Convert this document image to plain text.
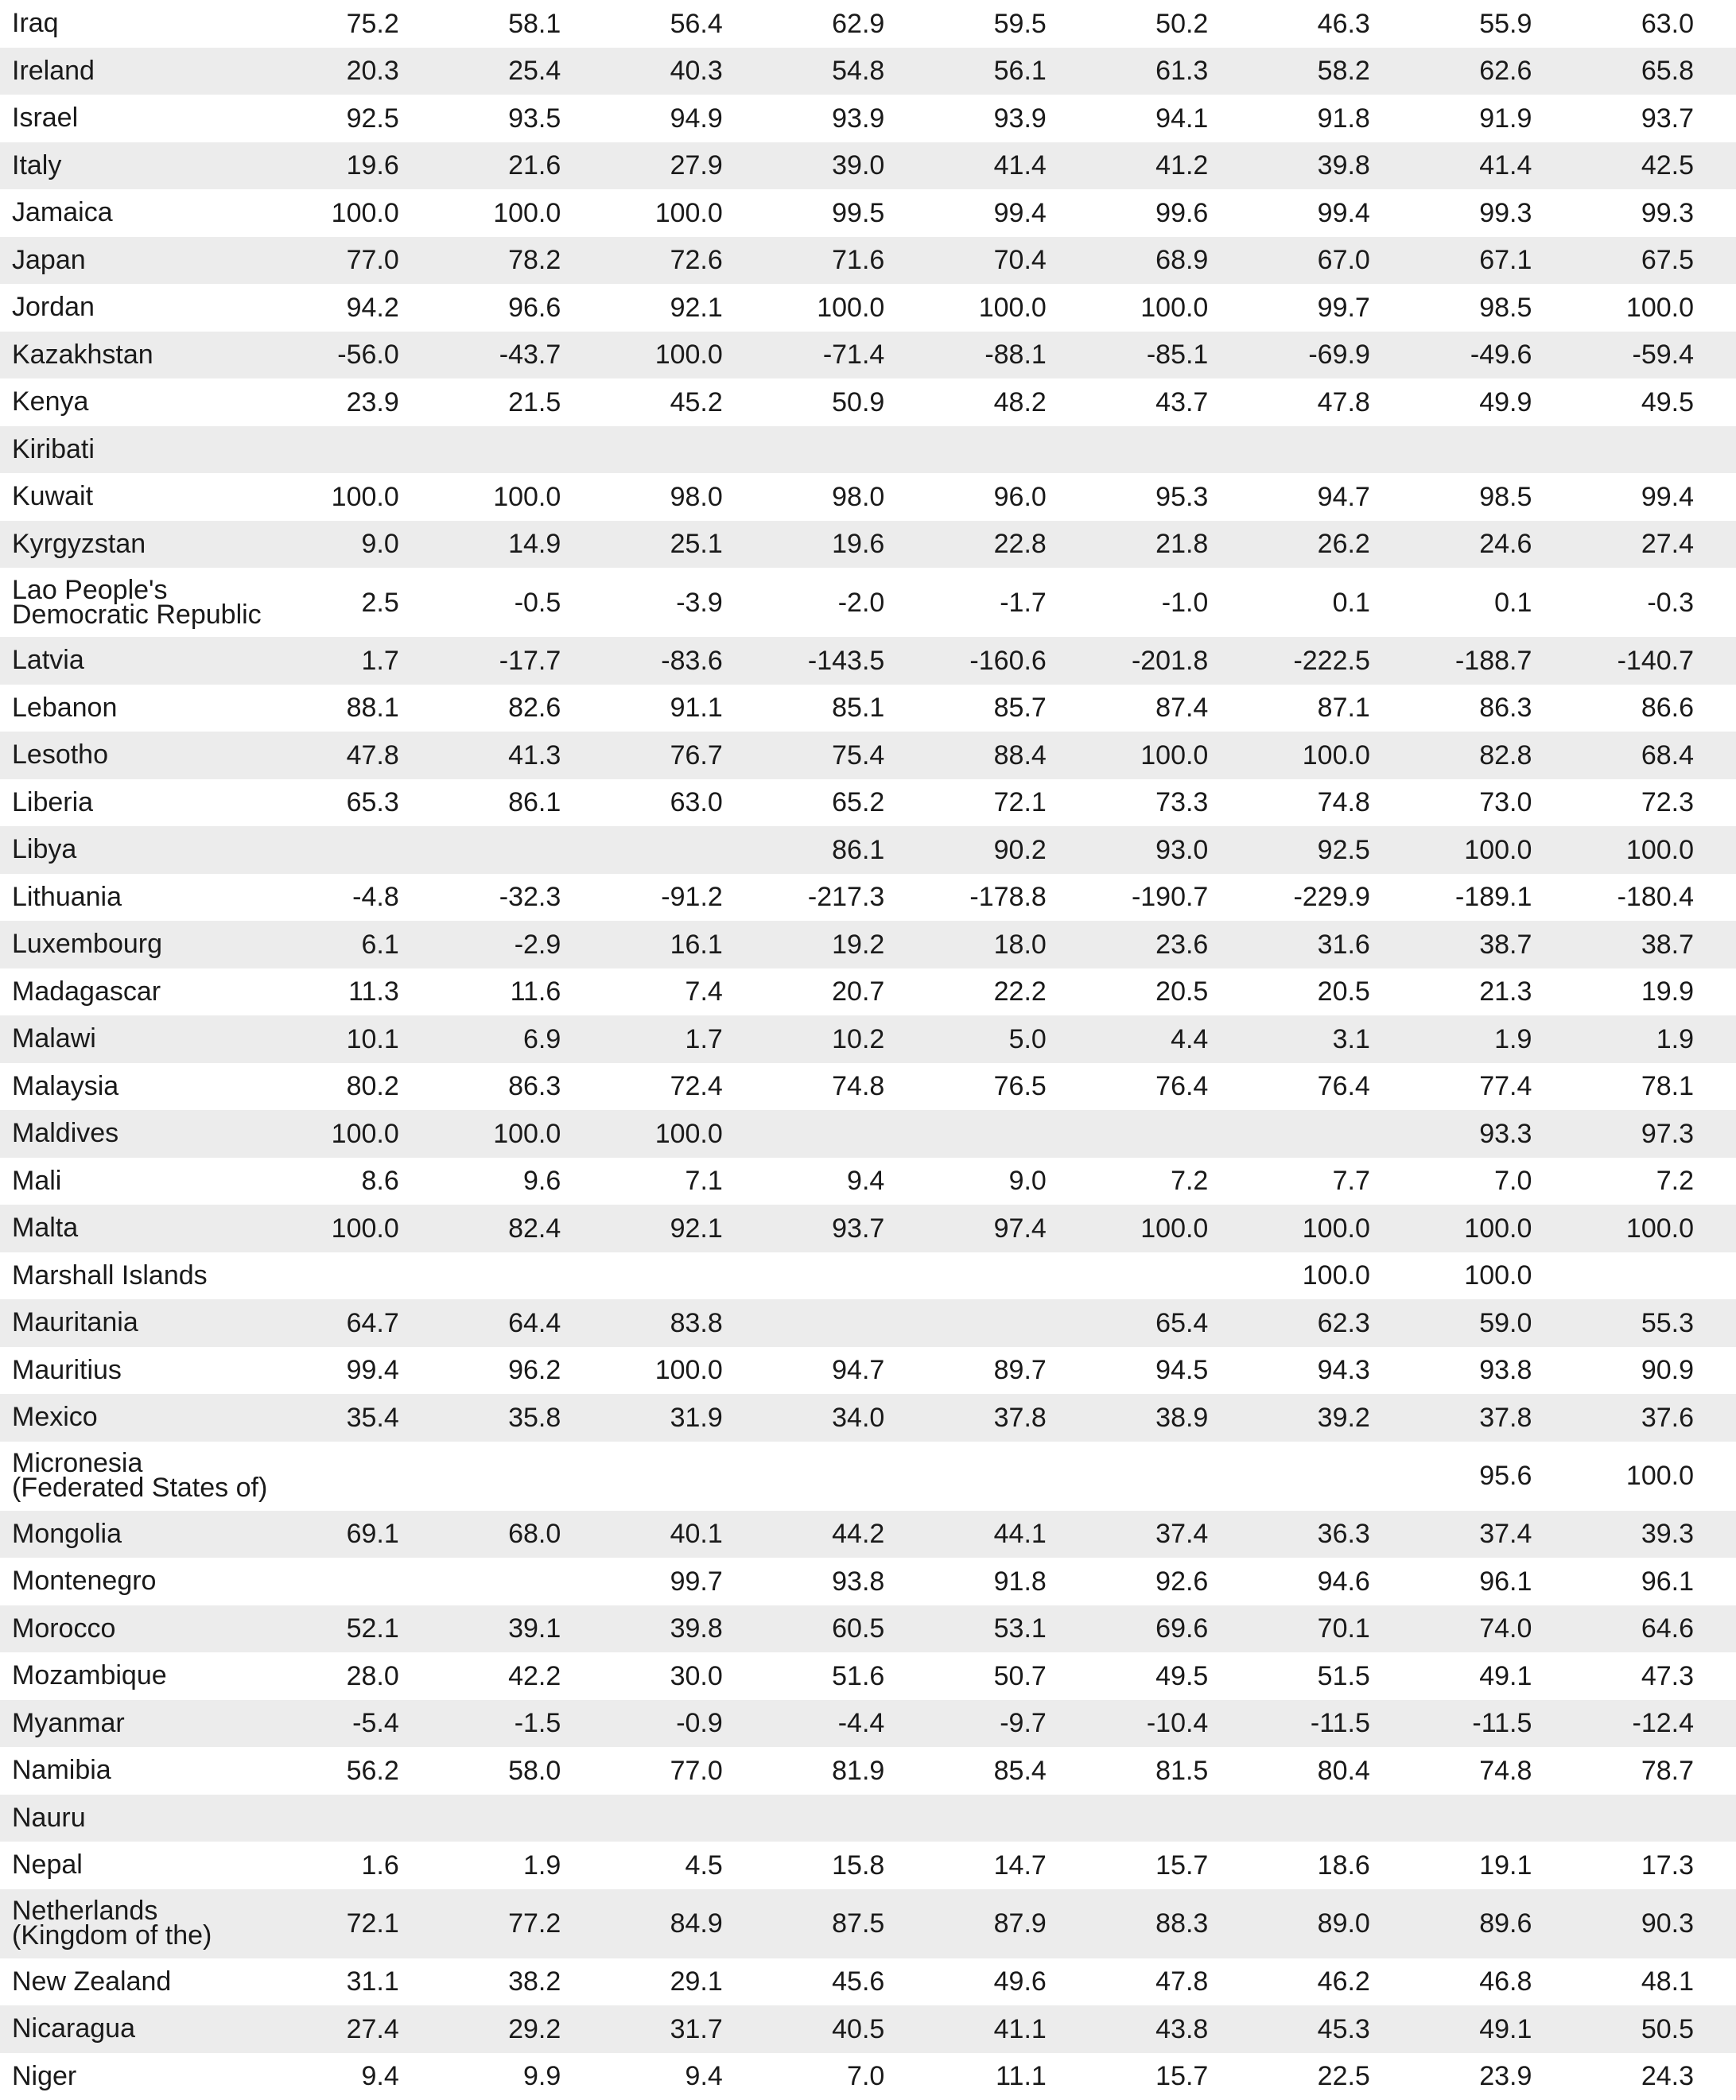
Iraq	75.2	58.1	56.4	62.9	59.5	50.2	46.3	55.9	63.0
Ireland	20.3	25.4	40.3	54.8	56.1	61.3	58.2	62.6	65.8
Israel	92.5	93.5	94.9	93.9	93.9	94.1	91.8	91.9	93.7
Italy	19.6	21.6	27.9	39.0	41.4	41.2	39.8	41.4	42.5
Jamaica	100.0	100.0	100.0	99.5	99.4	99.6	99.4	99.3	99.3
Japan	77.0	78.2	72.6	71.6	70.4	68.9	67.0	67.1	67.5
Jordan	94.2	96.6	92.1	100.0	100.0	100.0	99.7	98.5	100.0
Kazakhstan	-56.0	-43.7	100.0	-71.4	-88.1	-85.1	-69.9	-49.6	-59.4
Kenya	23.9	21.5	45.2	50.9	48.2	43.7	47.8	49.9	49.5
Kiribati									
Kuwait	100.0	100.0	98.0	98.0	96.0	95.3	94.7	98.5	99.4
Kyrgyzstan	9.0	14.9	25.1	19.6	22.8	21.8	26.2	24.6	27.4
Lao People's Democratic Republic	2.5	-0.5	-3.9	-2.0	-1.7	-1.0	0.1	0.1	-0.3
Latvia	1.7	-17.7	-83.6	-143.5	-160.6	-201.8	-222.5	-188.7	-140.7
Lebanon	88.1	82.6	91.1	85.1	85.7	87.4	87.1	86.3	86.6
Lesotho	47.8	41.3	76.7	75.4	88.4	100.0	100.0	82.8	68.4
Liberia	65.3	86.1	63.0	65.2	72.1	73.3	74.8	73.0	72.3
Libya				86.1	90.2	93.0	92.5	100.0	100.0
Lithuania	-4.8	-32.3	-91.2	-217.3	-178.8	-190.7	-229.9	-189.1	-180.4
Luxembourg	6.1	-2.9	16.1	19.2	18.0	23.6	31.6	38.7	38.7
Madagascar	11.3	11.6	7.4	20.7	22.2	20.5	20.5	21.3	19.9
Malawi	10.1	6.9	1.7	10.2	5.0	4.4	3.1	1.9	1.9
Malaysia	80.2	86.3	72.4	74.8	76.5	76.4	76.4	77.4	78.1
Maldives	100.0	100.0	100.0					93.3	97.3
Mali	8.6	9.6	7.1	9.4	9.0	7.2	7.7	7.0	7.2
Malta	100.0	82.4	92.1	93.7	97.4	100.0	100.0	100.0	100.0
Marshall Islands							100.0	100.0	
Mauritania	64.7	64.4	83.8			65.4	62.3	59.0	55.3
Mauritius	99.4	96.2	100.0	94.7	89.7	94.5	94.3	93.8	90.9
Mexico	35.4	35.8	31.9	34.0	37.8	38.9	39.2	37.8	37.6
Micronesia (Federated States of)								95.6	100.0
Mongolia	69.1	68.0	40.1	44.2	44.1	37.4	36.3	37.4	39.3
Montenegro			99.7	93.8	91.8	92.6	94.6	96.1	96.1
Morocco	52.1	39.1	39.8	60.5	53.1	69.6	70.1	74.0	64.6
Mozambique	28.0	42.2	30.0	51.6	50.7	49.5	51.5	49.1	47.3
Myanmar	-5.4	-1.5	-0.9	-4.4	-9.7	-10.4	-11.5	-11.5	-12.4
Namibia	56.2	58.0	77.0	81.9	85.4	81.5	80.4	74.8	78.7
Nauru									
Nepal	1.6	1.9	4.5	15.8	14.7	15.7	18.6	19.1	17.3
Netherlands (Kingdom of the)	72.1	77.2	84.9	87.5	87.9	88.3	89.0	89.6	90.3
New Zealand	31.1	38.2	29.1	45.6	49.6	47.8	46.2	46.8	48.1
Nicaragua	27.4	29.2	31.7	40.5	41.1	43.8	45.3	49.1	50.5
Niger	9.4	9.9	9.4	7.0	11.1	15.7	22.5	23.9	24.3
